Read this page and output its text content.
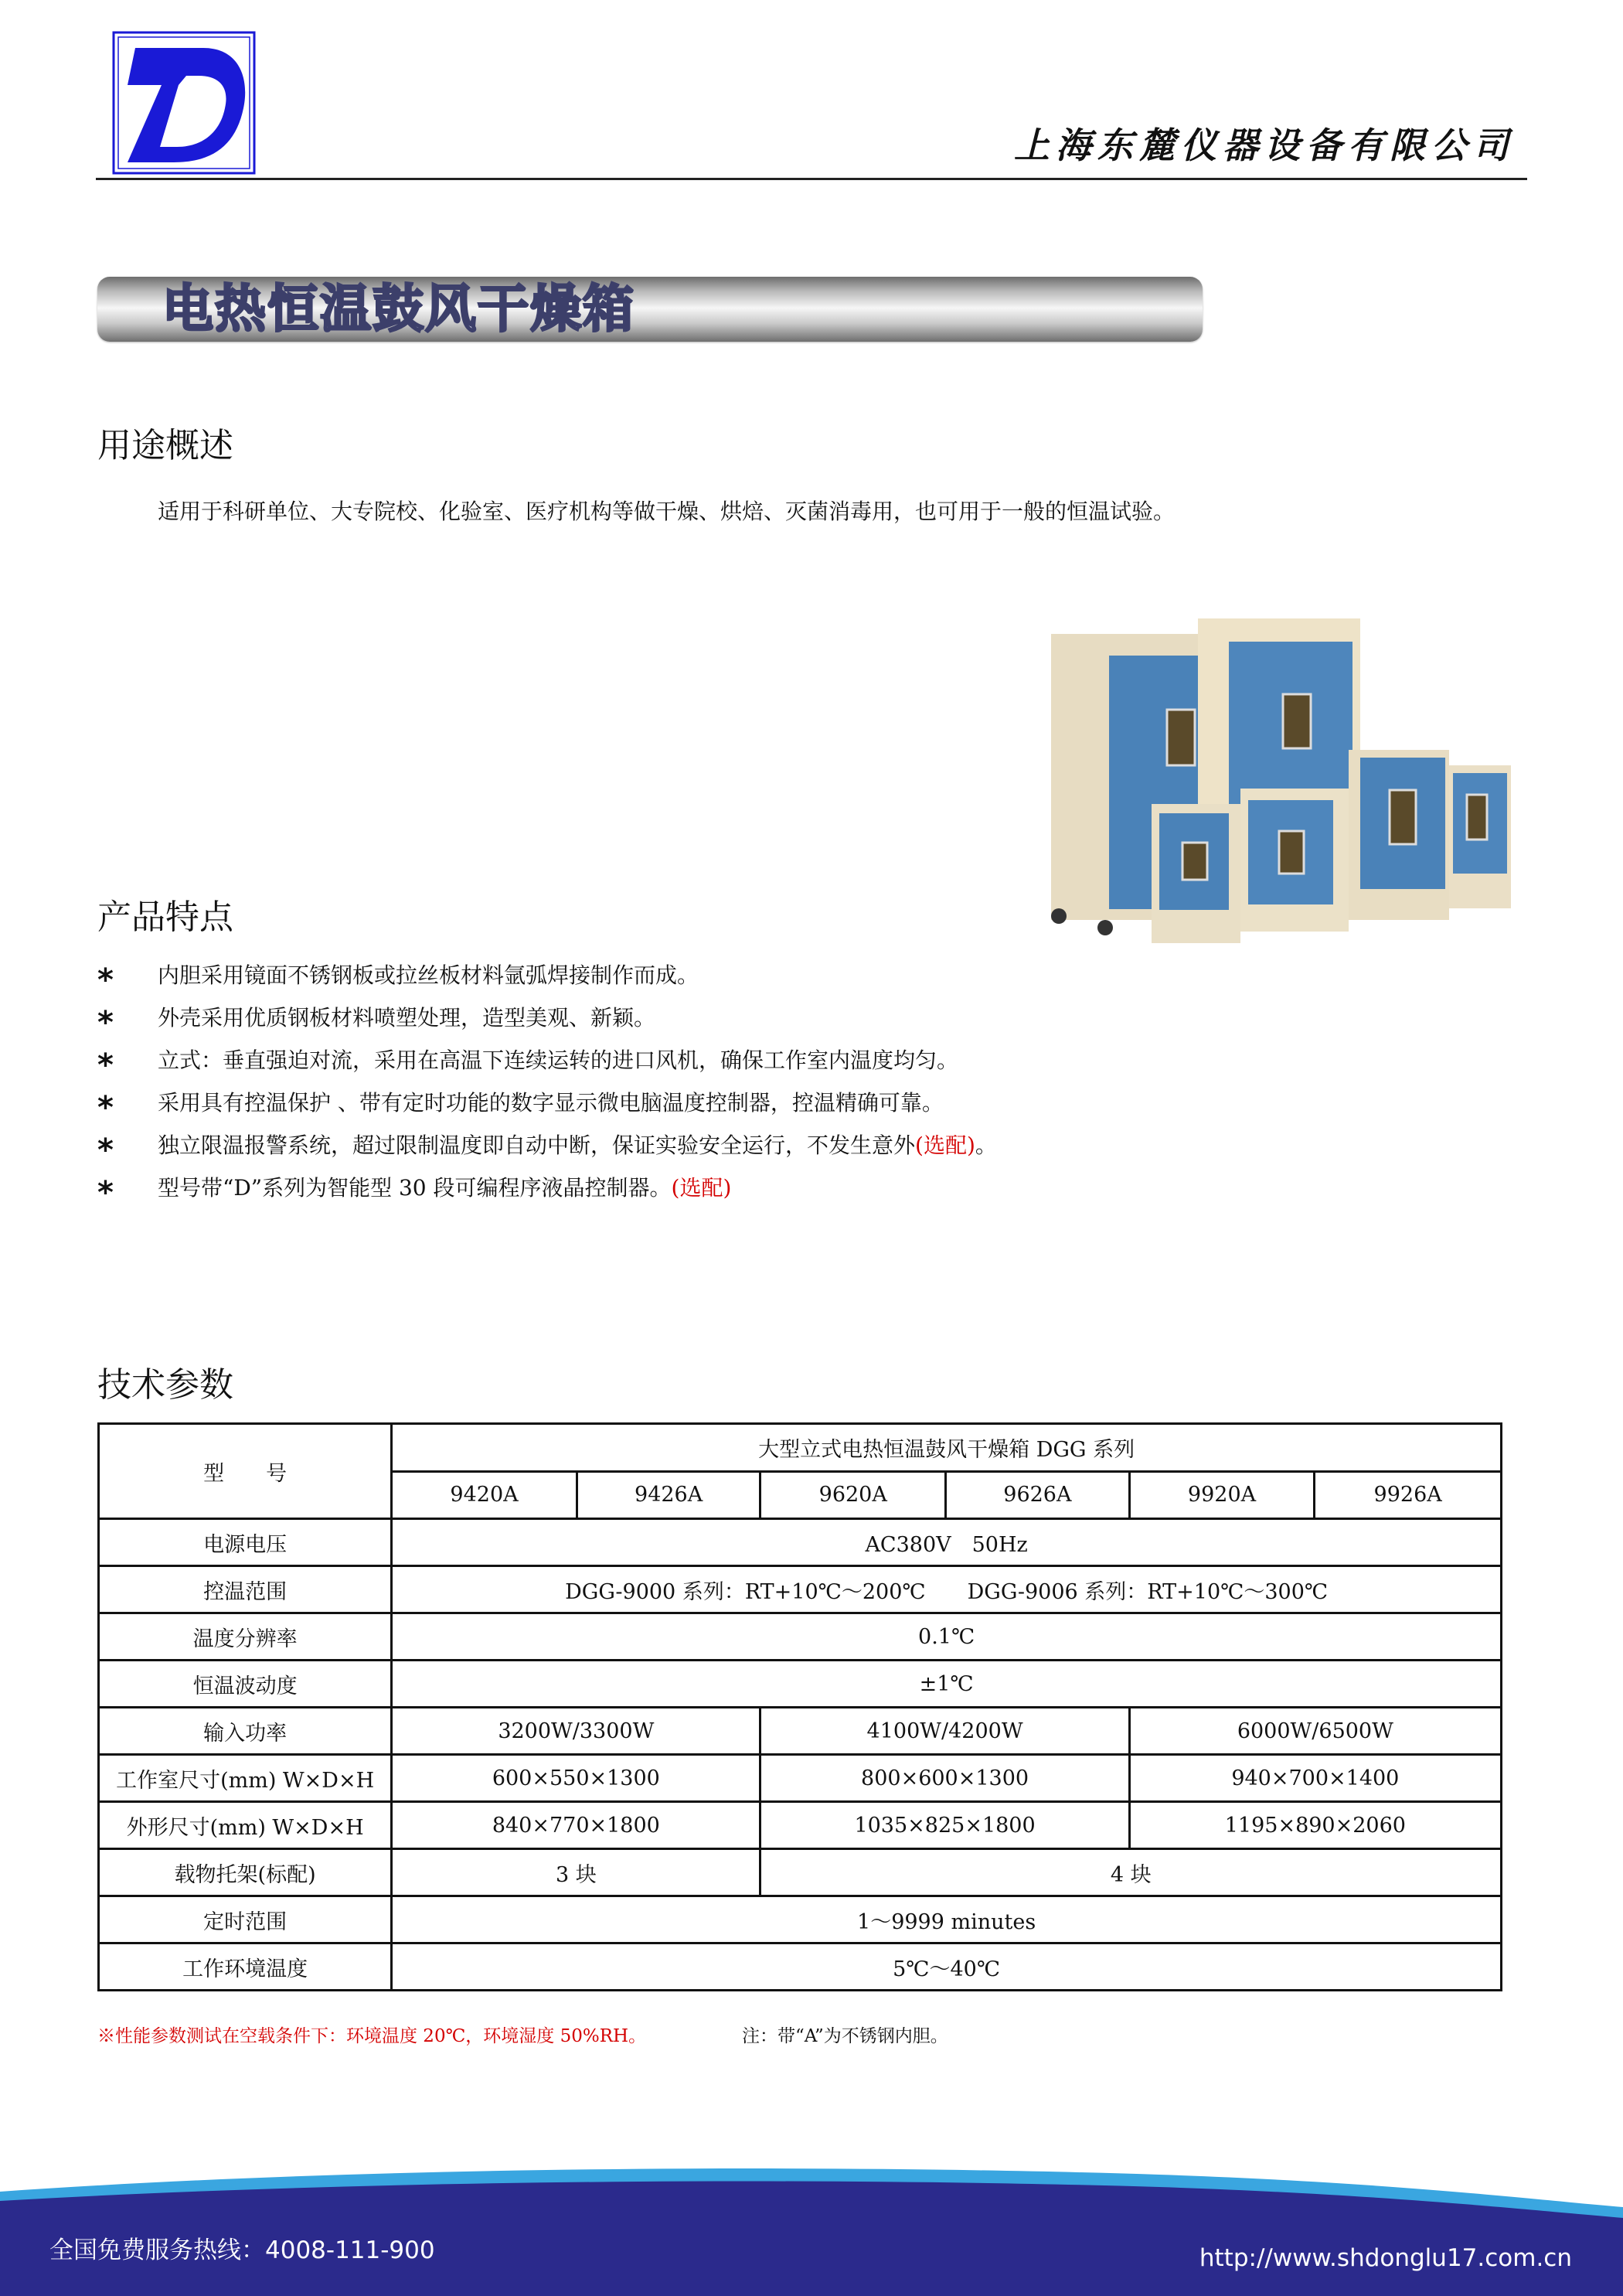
上海东麓仪器设备有限公司
电热恒温鼓风干燥箱
用途概述
适用于科研单位、大专院校、化验室、医疗机构等做干燥、烘焙、灭菌消毒用，也可用于一般的恒温试验。
产品特点
* 内胆采用镜面不锈钢板或拉丝板材料氩弧焊接制作而成。
* 外壳采用优质钢板材料喷塑处理，造型美观、新颖。
* 立式：垂直强迫对流，采用在高温下连续运转的进口风机，确保工作室内温度均匀。
* 采用具有控温保护 、带有定时功能的数字显示微电脑温度控制器，控温精确可靠。
* 独立限温报警系统，超过限制温度即自动中断，保证实验安全运行，不发生意外(选配)。
* 型号带“D”系列为智能型 30 段可编程序液晶控制器。(选配)
技术参数
型　　号	大型立式电热恒温鼓风干燥箱 DGG 系列					
	9420A	9426A	9620A	9626A	9920A	9926A
电源电压	AC380V　50Hz					
控温范围	DGG-9000 系列：RT+10℃～200℃　　DGG-9006 系列：RT+10℃～300℃					
温度分辨率	0.1℃					
恒温波动度	±1℃					
输入功率	3200W/3300W		4100W/4200W		6000W/6500W	
工作室尺寸(mm) W×D×H	600×550×1300		800×600×1300		940×700×1400	
外形尺寸(mm) W×D×H	840×770×1800		1035×825×1800		1195×890×2060	
载物托架(标配)	3 块		4 块			
定时范围	1～9999 minutes					
工作环境温度	5℃～40℃					
※性能参数测试在空载条件下：环境温度 20℃，环境湿度 50%RH。	注：带“A”为不锈钢内胆。
全国免费服务热线：4008-111-900	http://www.shdonglu17.com.cn
